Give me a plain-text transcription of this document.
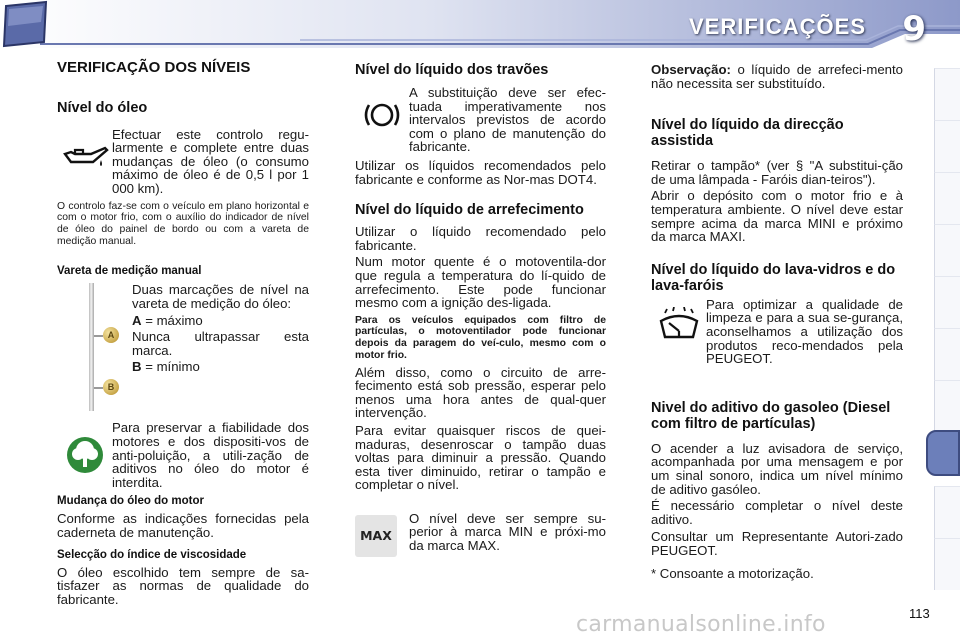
VERIFICAÇÕES 9
VERIFICAÇÃO DOS NÍVEIS
Nível do óleo
Efectuar este controlo regu-larmente e complete entre duas mudanças de óleo (o consumo máximo de óleo é de 0,5 l por 1 000 km).
O controlo faz-se com o veículo em plano horizontal e com o motor frio, com o auxílio do indicador de nível de óleo do painel de bordo ou com a vareta de medição manual.
Vareta de medição manual
A
B
Duas marcações de nível na vareta de medição do óleo:
A = máximo
Nunca ultrapassar esta marca.
B = mínimo
Para preservar a fiabilidade dos motores e dos dispositi-vos de anti-poluição, a utili-zação de aditivos no óleo do motor é interdita.
Mudança do óleo do motor
Conforme as indicações fornecidas pela caderneta de manutenção.
Selecção do índice de viscosidade
O óleo escolhido tem sempre de sa-tisfazer as normas de qualidade do fabricante.
Nível do líquido dos travões
A substituição deve ser efec-tuada imperativamente nos intervalos previstos de acordo com o plano de manutenção do fabricante.
Utilizar os líquidos recomendados pelo fabricante e conforme as Nor-mas DOT4.
Nível do líquido de arrefecimento
Utilizar o líquido recomendado pelo fabricante.
Num motor quente é o motoventila-dor que regula a temperatura do lí-quido de arrefecimento. Este pode funcionar mesmo com a ignição des-ligada.
Para os veículos equipados com filtro de partículas, o motoventilador pode funcionar depois da paragem do veí-culo, mesmo com o motor frio.
Além disso, como o circuito de arre-fecimento está sob pressão, esperar pelo menos uma hora antes de qual-quer intervenção.
Para evitar quaisquer riscos de quei-maduras, desenroscar o tampão duas voltas para diminuir a pressão. Quando esta tiver diminuido, retirar o tampão e completar o nível.
MAX
O nível deve ser sempre su-perior à marca MIN e próxi-mo da marca MAX.
Observação: o líquido de arrefeci-mento não necessita ser substituído.
Nível do líquido da direcção assistida
Retirar o tampão* (ver § "A substitui-ção de uma lâmpada - Faróis dian-teiros").
Abrir o depósito com o motor frio e à temperatura ambiente. O nível deve estar sempre acima da marca MINI e próximo da marca MAXI.
Nível do líquido do lava-vidros e do lava-faróis
Para optimizar a qualidade de limpeza e para a sua se-gurança, aconselhamos a utilização dos produtos reco-mendados pela PEUGEOT.
Nivel do aditivo do gasoleo (Diesel com filtro de partículas)
O acender a luz avisadora de serviço, acompanhada por uma mensagem e por um sinal sonoro, indica um nível mínimo de aditivo gasóleo.
É necessário completar o nível deste aditivo.
Consultar um Representante Autori-zado PEUGEOT.
* Consoante a motorização.
113
carmanualsonline.info
